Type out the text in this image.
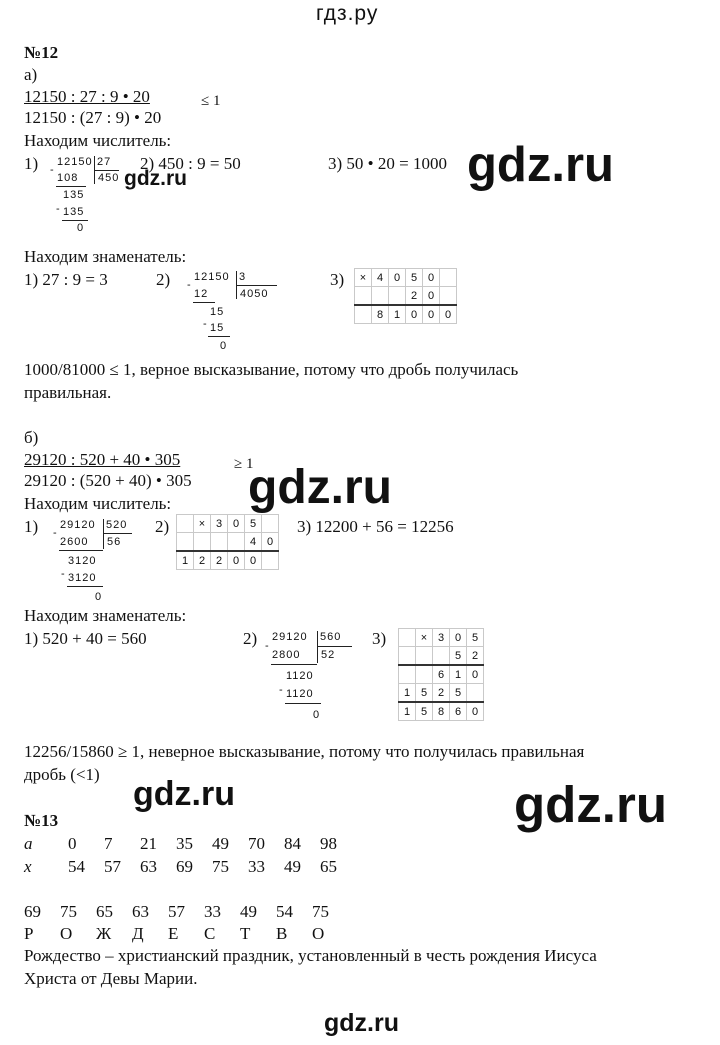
гдз.ру
№12
а)
12150 : 27 : 9 • 20	≤ 1
12150 : (27 : 9) • 20
Находим числитель:
1) 12150 27
450
-
108
135
- 135
0
gdz.ru
2) 450 : 9 = 50	3) 50 • 20 = 1000 gdz.ru
Находим знаменатель:
1) 27 : 9 = 3	2) 12150 3
4050
-
12
15
- 15
0
3) ×	4	0	5	0	
			2	0	
	8	1	0	0	0
1000/81000 ≤ 1, верное высказывание, потому что дробь получилась
правильная.
б)
29120 : 520 + 40 • 305	≥ 1
29120 : (520 + 40) • 305 gdz.ru
Находим числитель:
1) 29120 520
56
-
2600
3120
- 3120
0
2)
		×	3	0	5	
				4	0
1	2	2	0	0	
3) 12200 + 56 = 12256
Находим знаменатель:
1) 520 + 40 = 560	2) 29120 560
52
-
2800
1120
- 1120
0
3)
		×	3	0	5
			5	2
		6	1	0
1	5	2	5	
1	5	8	6	0
12256/15860 ≥ 1, неверное высказывание, потому что получилась правильная
дробь (<1)
gdz.ru	gdz.ru
№13
a 0 7 21 35 49 70 84 98
x 54 57 63 69 75 33 49 65
69 75 65 63 57 33 49 54 75
Р О Ж Д Е С Т В О
Рождество – христианский праздник, установленный в честь рождения Иисуса
Христа от Девы Марии.
gdz.ru
